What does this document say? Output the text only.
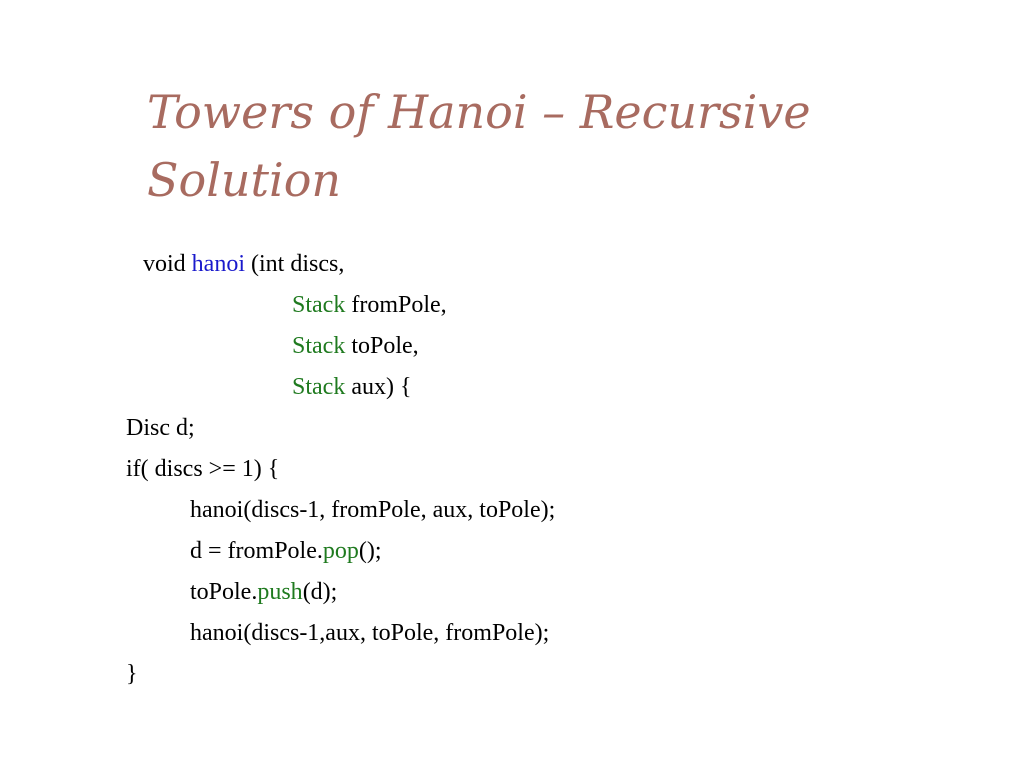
Towers of Hanoi – Recursive
Solution
void hanoi (int discs,
Stack fromPole,
Stack toPole,
Stack aux) {
Disc d;
if( discs >= 1) {
hanoi(discs-1, fromPole, aux, toPole);
d = fromPole.pop();
toPole.push(d);
hanoi(discs-1,aux, toPole, fromPole);
}
